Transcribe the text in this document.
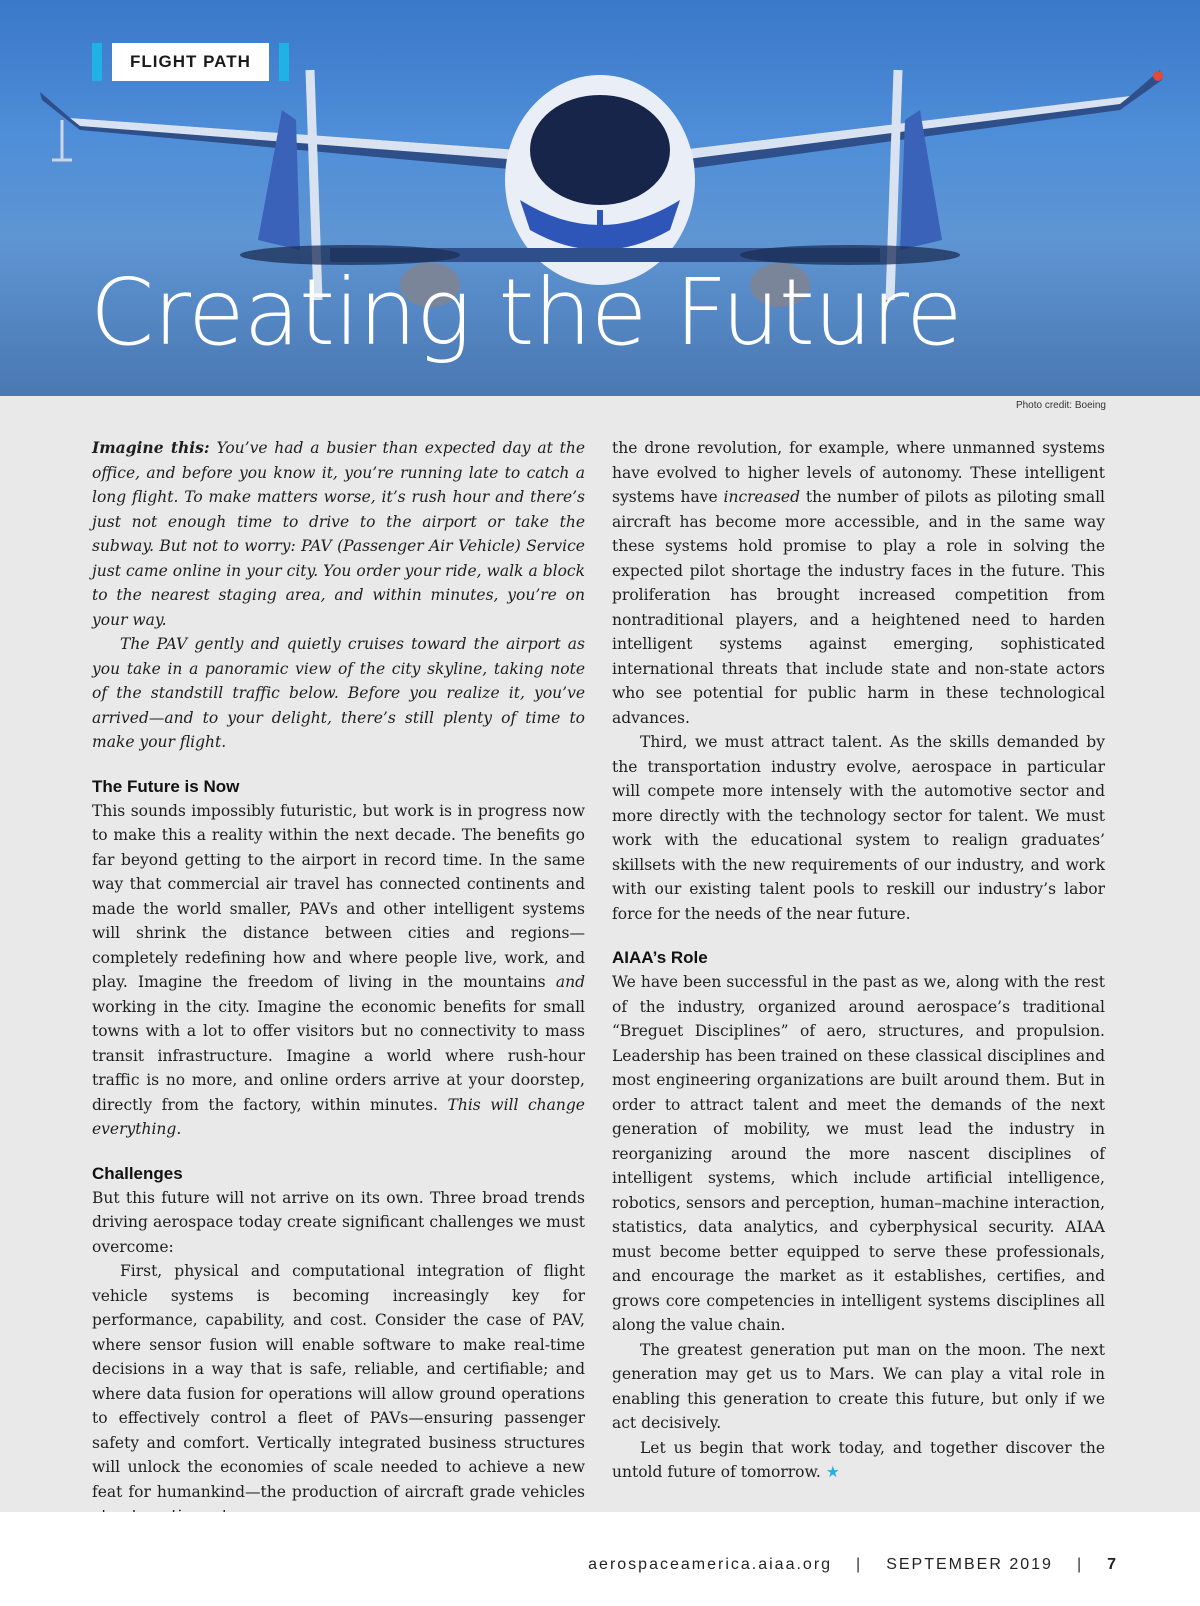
FLIGHT PATH
Creating the Future
Photo credit: Boeing

Imagine this: You’ve had a busier than expected day at the office, and before you know it, you’re running late to catch a long flight. To make matters worse, it’s rush hour and there’s just not enough time to drive to the airport or take the subway. But not to worry: PAV (Passenger Air Vehicle) Service just came online in your city. You order your ride, walk a block to the nearest staging area, and within minutes, you’re on your way.

The PAV gently and quietly cruises toward the airport as you take in a panoramic view of the city skyline, taking note of the standstill traffic below. Before you realize it, you’ve arrived—and to your delight, there’s still plenty of time to make your flight.

The Future is Now

This sounds impossibly futuristic, but work is in progress now to make this a reality within the next decade. The benefits go far beyond getting to the airport in record time. In the same way that commercial air travel has connected continents and made the world smaller, PAVs and other intelligent systems will shrink the distance between cities and regions—completely redefining how and where people live, work, and play. Imagine the freedom of living in the mountains and working in the city. Imagine the economic benefits for small towns with a lot to offer visitors but no connectivity to mass transit infrastructure. Imagine a world where rush-hour traffic is no more, and online orders arrive at your doorstep, directly from the factory, within minutes. This will change everything.

Challenges

But this future will not arrive on its own. Three broad trends driving aerospace today create significant challenges we must overcome:

First, physical and computational integration of flight vehicle systems is becoming increasingly key for performance, capability, and cost. Consider the case of PAV, where sensor fusion will enable software to make real-time decisions in a way that is safe, reliable, and certifiable; and where data fusion for operations will allow ground operations to effectively control a fleet of PAVs—ensuring passenger safety and comfort. Vertically integrated business structures will unlock the economies of scale needed to achieve a new feat for humankind—the production of aircraft grade vehicles

the drone revolution, for example, where unmanned systems have evolved to higher levels of autonomy. These intelligent systems have increased the number of pilots as piloting small aircraft has become more accessible, and in the same way these systems hold promise to play a role in solving the expected pilot shortage the industry faces in the future. This proliferation has brought increased competition from nontraditional players, and a heightened need to harden intelligent systems against emerging, sophisticated international threats that include state and non-state actors who see potential for public harm in these technological advances.

Third, we must attract talent. As the skills demanded by the transportation industry evolve, aerospace in particular will compete more intensely with the automotive sector and more directly with the technology sector for talent. We must work with the educational system to realign graduates’ skillsets with the new requirements of our industry, and work with our existing talent pools to reskill our industry’s labor force for the needs of the near future.

AIAA’s Role

We have been successful in the past as we, along with the rest of the industry, organized around aerospace’s traditional “Breguet Disciplines” of aero, structures, and propulsion. Leadership has been trained on these classical disciplines and most engineering organizations are built around them. But in order to attract talent and meet the demands of the next generation of mobility, we must lead the industry in reorganizing around the more nascent disciplines of intelligent systems, which include artificial intelligence, robotics, sensors and perception, human–machine interaction, statistics, data analytics, and cyberphysical security. AIAA must become better equipped to serve these professionals, and encourage the market as it establishes, certifies, and grows core competencies in intelligent systems disciplines all along the value chain.

The greatest generation put man on the moon. The next generation may get us to Mars. We can play a vital role in enabling this generation to create this future, but only if we act decisively.

Let us begin that work today, and together discover the untold future of tomorrow. ★

aerospaceamerica.aiaa.org | SEPTEMBER 2019 | 7
